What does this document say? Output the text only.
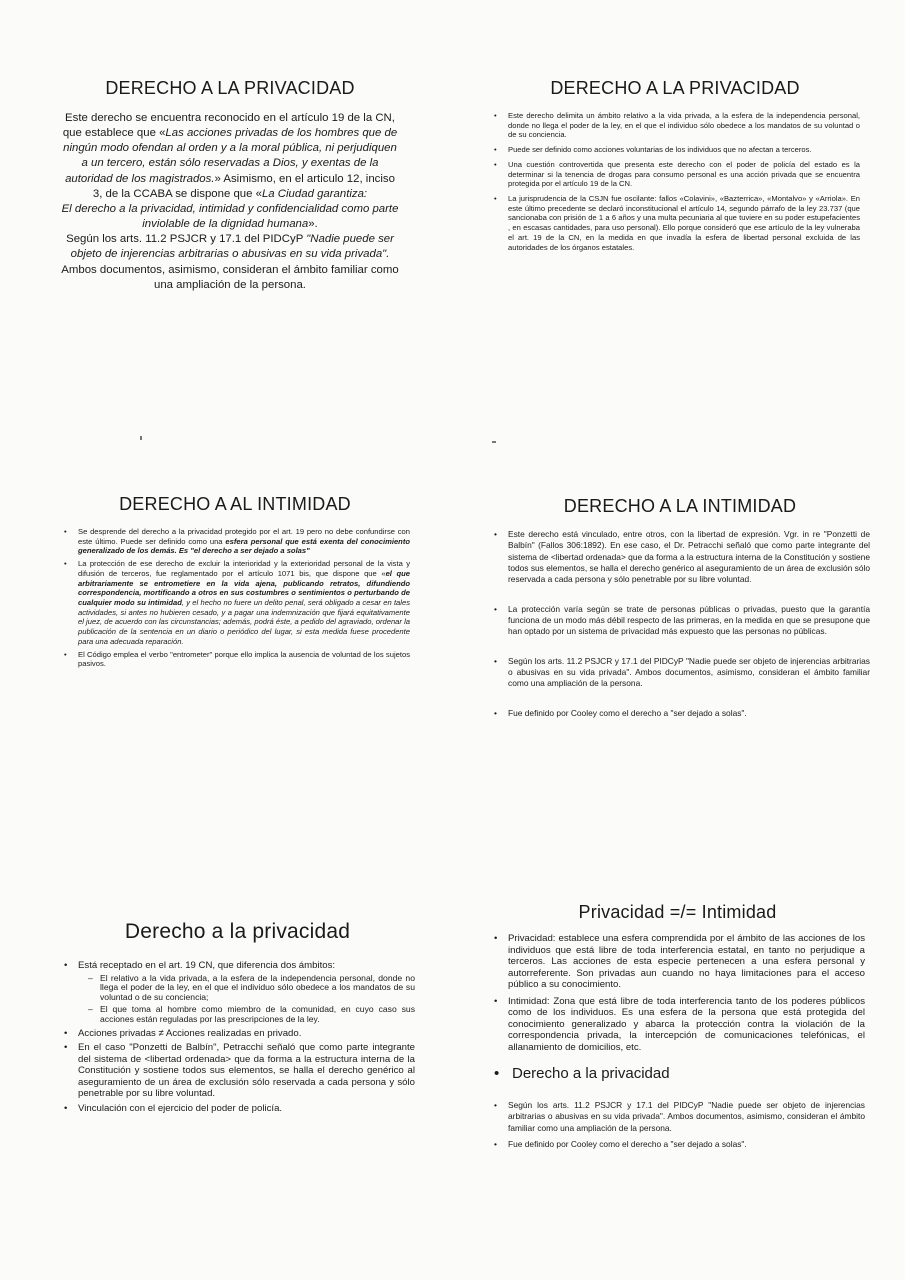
DERECHO A LA PRIVACIDAD

Este derecho se encuentra reconocido en el artículo 19 de la CN, que establece que «Las acciones privadas de los hombres que de ningún modo ofendan al orden y a la moral pública, ni perjudiquen a un tercero, están sólo reservadas a Dios, y exentas de la autoridad de los magistrados.» Asimismo, en el articulo 12, inciso 3, de la CCABA se dispone que «La Ciudad garantiza:

El derecho a la privacidad, intimidad y confidencialidad como parte inviolable de la dignidad humana».

Según los arts. 11.2 PSJCR y 17.1 del PIDCyP "Nadie puede ser objeto de injerencias arbitrarias o abusivas en su vida privada". Ambos documentos, asimismo, consideran el ámbito familiar como una ampliación de la persona.

DERECHO A LA PRIVACIDAD
• Este derecho delimita un ámbito relativo a la vida privada, a la esfera de la independencia personal, donde no llega el poder de la ley, en el que el individuo sólo obedece a los mandatos de su voluntad o de su conciencia.
• Puede ser definido como acciones voluntarias de los individuos que no afectan a terceros.
• Una cuestión controvertida que presenta este derecho con el poder de policía del estado es la determinar si la tenencia de drogas para consumo personal es una acción privada que se encuentra protegida por el artículo 19 de la CN.
• La jurisprudencia de la CSJN fue oscilante: fallos «Colavini», «Bazterrica», «Montalvo» y «Arriola». En este último precedente se declaró inconstitucional el artículo 14, segundo párrafo de la ley 23.737 (que sancionaba con prisión de 1 a 6 años y una multa pecuniaria al que tuviere en su poder estupefacientes , en escasas cantidades, para uso personal). Ello porque consideró que ese artículo de la ley vulneraba el art. 19 de la CN, en la medida en que invadía la esfera de libertad personal excluida de las autoridades de los órganos estatales.
DERECHO A AL INTIMIDAD
• Se desprende del derecho a la privacidad protegido por el art. 19 pero no debe confundirse con este último. Puede ser definido como una esfera personal que está exenta del conocimiento generalizado de los demás. Es "el derecho a ser dejado a solas"
• La protección de ese derecho de excluir la interioridad y la exterioridad personal de la vista y difusión de terceros, fue reglamentado por el artículo 1071 bis, que dispone que «el que arbitrariamente se entrometiere en la vida ajena, publicando retratos, difundiendo correspondencia, mortificando a otros en sus costumbres o sentimientos o perturbando de cualquier modo su intimidad, y el hecho no fuere un delito penal, será obligado a cesar en tales actividades, si antes no hubieren cesado, y a pagar una indemnización que fijará equitativamente el juez, de acuerdo con las circunstancias; además, podrá éste, a pedido del agraviado, ordenar la publicación de la sentencia en un diario o periódico del lugar, si esta medida fuese procedente para una adecuada reparación.
• El Código emplea el verbo "entrometer" porque ello implica la ausencia de voluntad de los sujetos pasivos.
DERECHO A LA INTIMIDAD
• Este derecho está vinculado, entre otros, con la libertad de expresión. Vgr. in re "Ponzetti de Balbín" (Fallos 306:1892). En ese caso, el Dr. Petracchi señaló que como parte integrante del sistema de <libertad ordenada> que da forma a la estructura interna de la Constitución y sostiene todos sus elementos, se halla el derecho genérico al aseguramiento de un área de exclusión sólo reservada a cada persona y sólo penetrable por su libre voluntad.
• La protección varía según se trate de personas públicas o privadas, puesto que la garantía funciona de un modo más débil respecto de las primeras, en la medida en que se presupone que han optado por un sistema de privacidad más expuesto que las personas no públicas.
• Según los arts. 11.2 PSJCR y 17.1 del PIDCyP "Nadie puede ser objeto de injerencias arbitrarias o abusivas en su vida privada". Ambos documentos, asimismo, consideran el ámbito familiar como una ampliación de la persona.
• Fue definido por Cooley como el derecho a "ser dejado a solas".
Derecho a la privacidad
• Está receptado en el art. 19 CN, que diferencia dos ámbitos:
– El relativo a la vida privada, a la esfera de la independencia personal, donde no llega el poder de la ley, en el que el individuo sólo obedece a los mandatos de su voluntad o de su conciencia;
– El que toma al hombre como miembro de la comunidad, en cuyo caso sus acciones están reguladas por las prescripciones de la ley.
• Acciones privadas ≠ Acciones realizadas en privado.
• En el caso "Ponzetti de Balbín", Petracchi señaló que como parte integrante del sistema de <libertad ordenada> que da forma a la estructura interna de la Constitución y sostiene todos sus elementos, se halla el derecho genérico al aseguramiento de un área de exclusión sólo reservada a cada persona y sólo penetrable por su libre voluntad.
• Vinculación con el ejercicio del poder de policía.
Privacidad =/= Intimidad
• Privacidad: establece una esfera comprendida por el ámbito de las acciones de los individuos que está libre de toda interferencia estatal, en tanto no perjudique a terceros. Las acciones de esta especie pertenecen a una esfera personal y autorreferente. Son privadas aun cuando no haya limitaciones para el acceso público a su conocimiento.
• Intimidad: Zona que está libre de toda interferencia tanto de los poderes públicos como de los individuos. Es una esfera de la persona que está protegida del conocimiento generalizado y abarca la protección contra la violación de la correspondencia privada, la intercepción de comunicaciones telefónicas, el allanamiento de domicilios, etc.
• Derecho a la privacidad
• Según los arts. 11.2 PSJCR y 17.1 del PIDCyP "Nadie puede ser objeto de injerencias arbitrarias o abusivas en su vida privada". Ambos documentos, asimismo, consideran el ámbito familiar como una ampliación de la persona.
• Fue definido por Cooley como el derecho a "ser dejado a solas".
